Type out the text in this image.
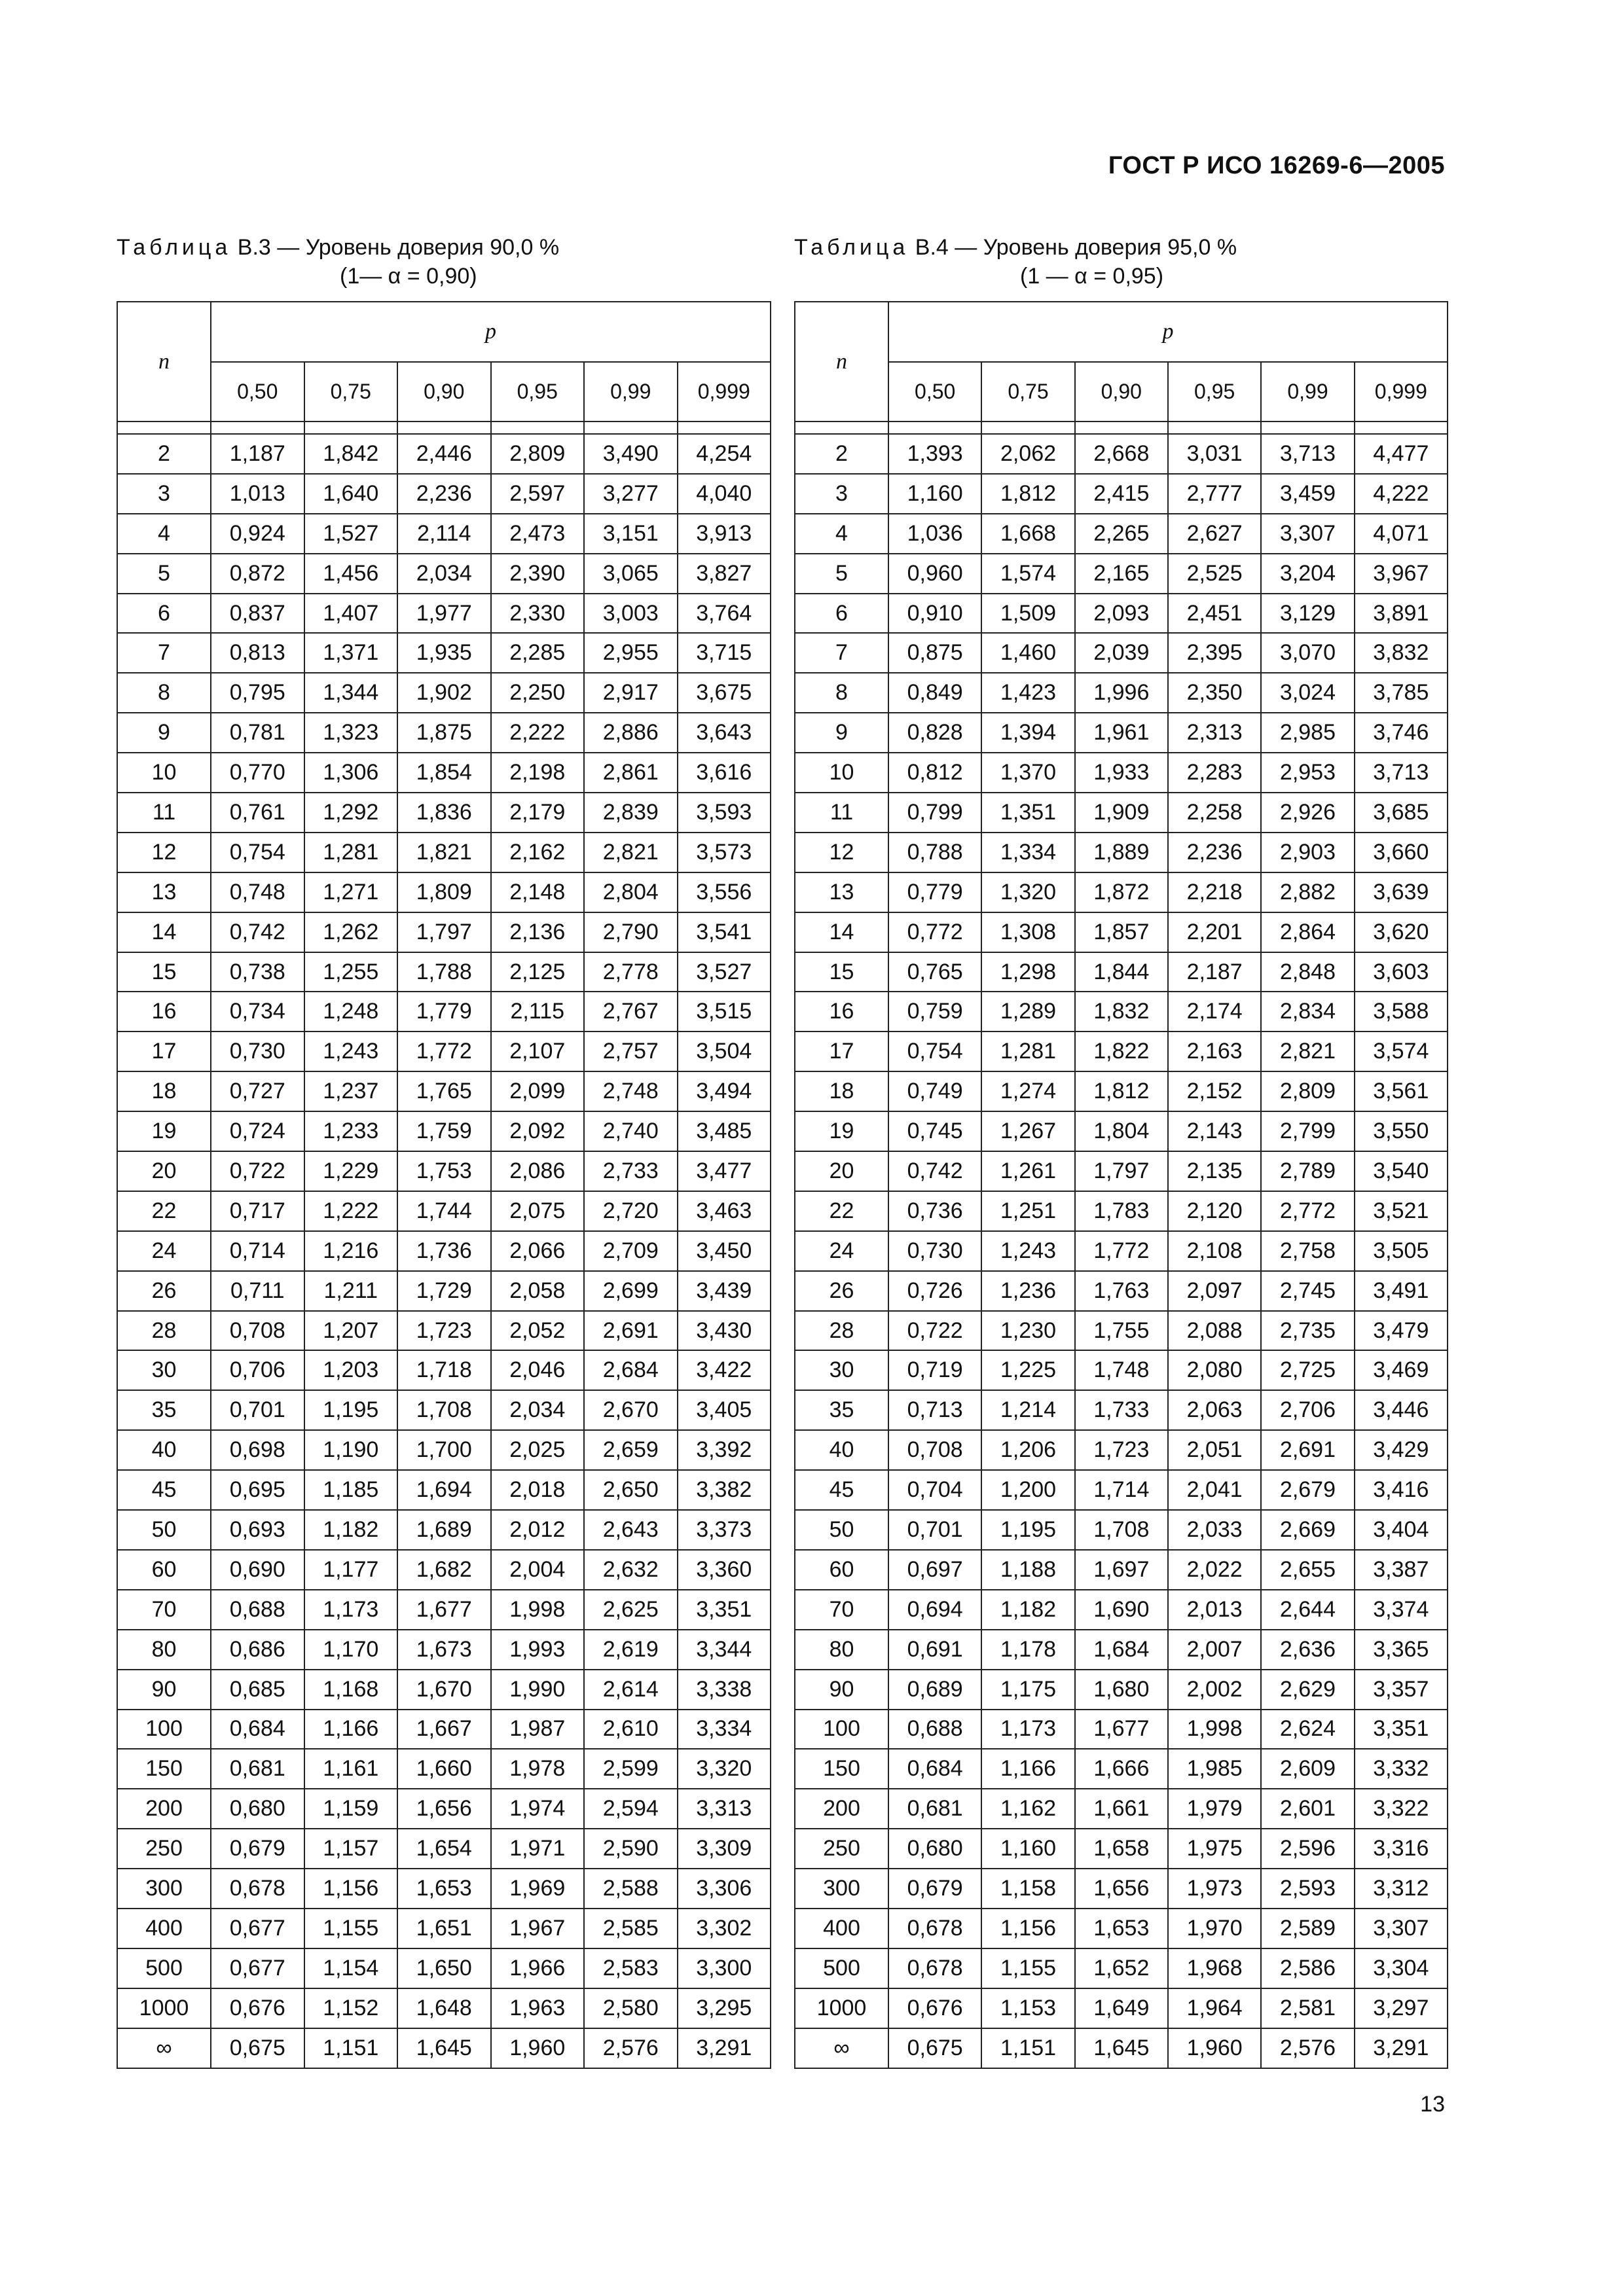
ГОСТ Р ИСО 16269-6—2005
Таблица В.3 — Уровень доверия 90,0 %
(1— α = 0,90)
Таблица В.4 — Уровень доверия 95,0 %
(1 — α = 0,95)
n	p					
	0,50	0,75	0,90	0,95	0,99	0,999

2	1,187	1,842	2,446	2,809	3,490	4,254
3	1,013	1,640	2,236	2,597	3,277	4,040
4	0,924	1,527	2,114	2,473	3,151	3,913
5	0,872	1,456	2,034	2,390	3,065	3,827
6	0,837	1,407	1,977	2,330	3,003	3,764
7	0,813	1,371	1,935	2,285	2,955	3,715
8	0,795	1,344	1,902	2,250	2,917	3,675
9	0,781	1,323	1,875	2,222	2,886	3,643
10	0,770	1,306	1,854	2,198	2,861	3,616
11	0,761	1,292	1,836	2,179	2,839	3,593
12	0,754	1,281	1,821	2,162	2,821	3,573
13	0,748	1,271	1,809	2,148	2,804	3,556
14	0,742	1,262	1,797	2,136	2,790	3,541
15	0,738	1,255	1,788	2,125	2,778	3,527
16	0,734	1,248	1,779	2,115	2,767	3,515
17	0,730	1,243	1,772	2,107	2,757	3,504
18	0,727	1,237	1,765	2,099	2,748	3,494
19	0,724	1,233	1,759	2,092	2,740	3,485
20	0,722	1,229	1,753	2,086	2,733	3,477
22	0,717	1,222	1,744	2,075	2,720	3,463
24	0,714	1,216	1,736	2,066	2,709	3,450
26	0,711	1,211	1,729	2,058	2,699	3,439
28	0,708	1,207	1,723	2,052	2,691	3,430
30	0,706	1,203	1,718	2,046	2,684	3,422
35	0,701	1,195	1,708	2,034	2,670	3,405
40	0,698	1,190	1,700	2,025	2,659	3,392
45	0,695	1,185	1,694	2,018	2,650	3,382
50	0,693	1,182	1,689	2,012	2,643	3,373
60	0,690	1,177	1,682	2,004	2,632	3,360
70	0,688	1,173	1,677	1,998	2,625	3,351
80	0,686	1,170	1,673	1,993	2,619	3,344
90	0,685	1,168	1,670	1,990	2,614	3,338
100	0,684	1,166	1,667	1,987	2,610	3,334
150	0,681	1,161	1,660	1,978	2,599	3,320
200	0,680	1,159	1,656	1,974	2,594	3,313
250	0,679	1,157	1,654	1,971	2,590	3,309
300	0,678	1,156	1,653	1,969	2,588	3,306
400	0,677	1,155	1,651	1,967	2,585	3,302
500	0,677	1,154	1,650	1,966	2,583	3,300
1000	0,676	1,152	1,648	1,963	2,580	3,295
∞	0,675	1,151	1,645	1,960	2,576	3,291
n	p					
	0,50	0,75	0,90	0,95	0,99	0,999

2	1,393	2,062	2,668	3,031	3,713	4,477
3	1,160	1,812	2,415	2,777	3,459	4,222
4	1,036	1,668	2,265	2,627	3,307	4,071
5	0,960	1,574	2,165	2,525	3,204	3,967
6	0,910	1,509	2,093	2,451	3,129	3,891
7	0,875	1,460	2,039	2,395	3,070	3,832
8	0,849	1,423	1,996	2,350	3,024	3,785
9	0,828	1,394	1,961	2,313	2,985	3,746
10	0,812	1,370	1,933	2,283	2,953	3,713
11	0,799	1,351	1,909	2,258	2,926	3,685
12	0,788	1,334	1,889	2,236	2,903	3,660
13	0,779	1,320	1,872	2,218	2,882	3,639
14	0,772	1,308	1,857	2,201	2,864	3,620
15	0,765	1,298	1,844	2,187	2,848	3,603
16	0,759	1,289	1,832	2,174	2,834	3,588
17	0,754	1,281	1,822	2,163	2,821	3,574
18	0,749	1,274	1,812	2,152	2,809	3,561
19	0,745	1,267	1,804	2,143	2,799	3,550
20	0,742	1,261	1,797	2,135	2,789	3,540
22	0,736	1,251	1,783	2,120	2,772	3,521
24	0,730	1,243	1,772	2,108	2,758	3,505
26	0,726	1,236	1,763	2,097	2,745	3,491
28	0,722	1,230	1,755	2,088	2,735	3,479
30	0,719	1,225	1,748	2,080	2,725	3,469
35	0,713	1,214	1,733	2,063	2,706	3,446
40	0,708	1,206	1,723	2,051	2,691	3,429
45	0,704	1,200	1,714	2,041	2,679	3,416
50	0,701	1,195	1,708	2,033	2,669	3,404
60	0,697	1,188	1,697	2,022	2,655	3,387
70	0,694	1,182	1,690	2,013	2,644	3,374
80	0,691	1,178	1,684	2,007	2,636	3,365
90	0,689	1,175	1,680	2,002	2,629	3,357
100	0,688	1,173	1,677	1,998	2,624	3,351
150	0,684	1,166	1,666	1,985	2,609	3,332
200	0,681	1,162	1,661	1,979	2,601	3,322
250	0,680	1,160	1,658	1,975	2,596	3,316
300	0,679	1,158	1,656	1,973	2,593	3,312
400	0,678	1,156	1,653	1,970	2,589	3,307
500	0,678	1,155	1,652	1,968	2,586	3,304
1000	0,676	1,153	1,649	1,964	2,581	3,297
∞	0,675	1,151	1,645	1,960	2,576	3,291
13
